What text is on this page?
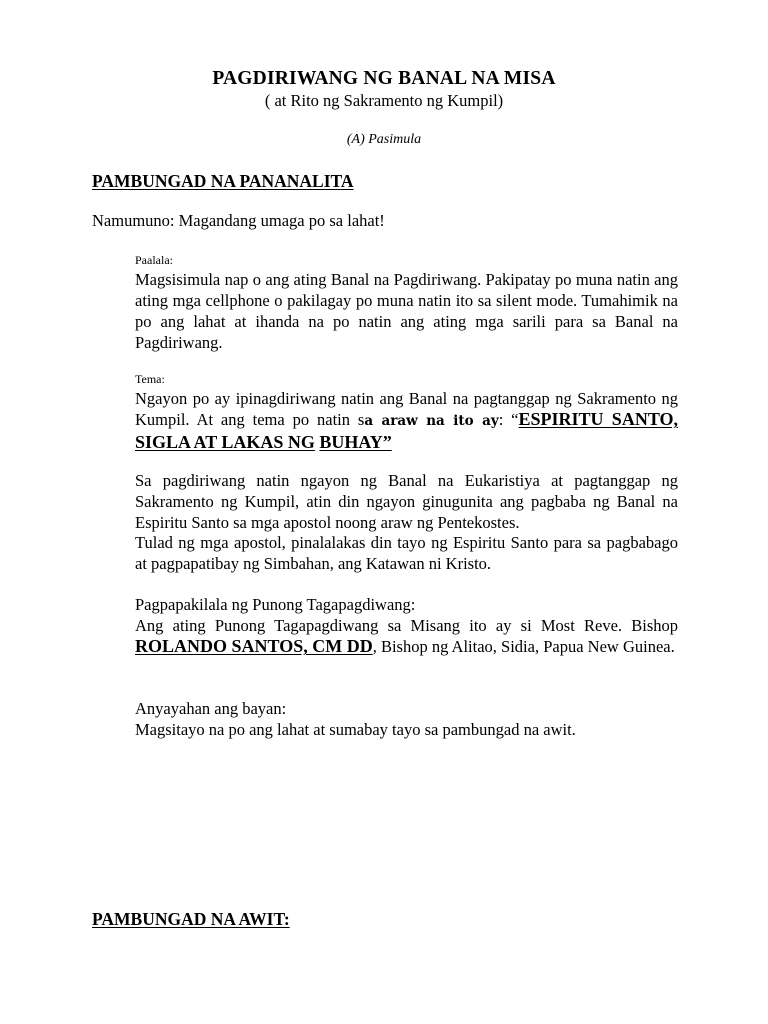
PAGDIRIWANG NG BANAL NA MISA
( at Rito ng Sakramento ng Kumpil)
(A) Pasimula
PAMBUNGAD NA PANANALITA
Namumuno: Magandang umaga po sa lahat!
Paalala:

Magsisimula nap o ang ating Banal na Pagdiriwang. Pakipatay po muna natin ang ating mga cellphone o pakilagay po muna natin ito sa silent mode. Tumahimik na po ang lahat at ihanda na po natin ang ating mga sarili para sa Banal na Pagdiriwang.

Tema:

Ngayon po ay ipinagdiriwang natin ang Banal na pagtanggap ng Sakramento ng Kumpil. At ang tema po natin sa araw na ito ay: “ESPIRITU SANTO, SIGLA AT LAKAS NG BUHAY”

Sa pagdiriwang natin ngayon ng Banal na Eukaristiya at pagtanggap ng Sakramento ng Kumpil, atin din ngayon ginugunita ang pagbaba ng Banal na Espiritu Santo sa mga apostol noong araw ng Pentekostes.

Tulad ng mga apostol, pinalalakas din tayo ng Espiritu Santo para sa pagbabago at pagpapatibay ng Simbahan, ang Katawan ni Kristo.

Pagpapakilala ng Punong Tagapagdiwang:

Ang ating Punong Tagapagdiwang sa Misang ito ay si Most Reve. Bishop ROLANDO SANTOS, CM DD, Bishop ng Alitao, Sidia, Papua New Guinea.

Anyayahan ang bayan:

Magsitayo na po ang lahat at sumabay tayo sa pambungad na awit.

PAMBUNGAD NA AWIT:
